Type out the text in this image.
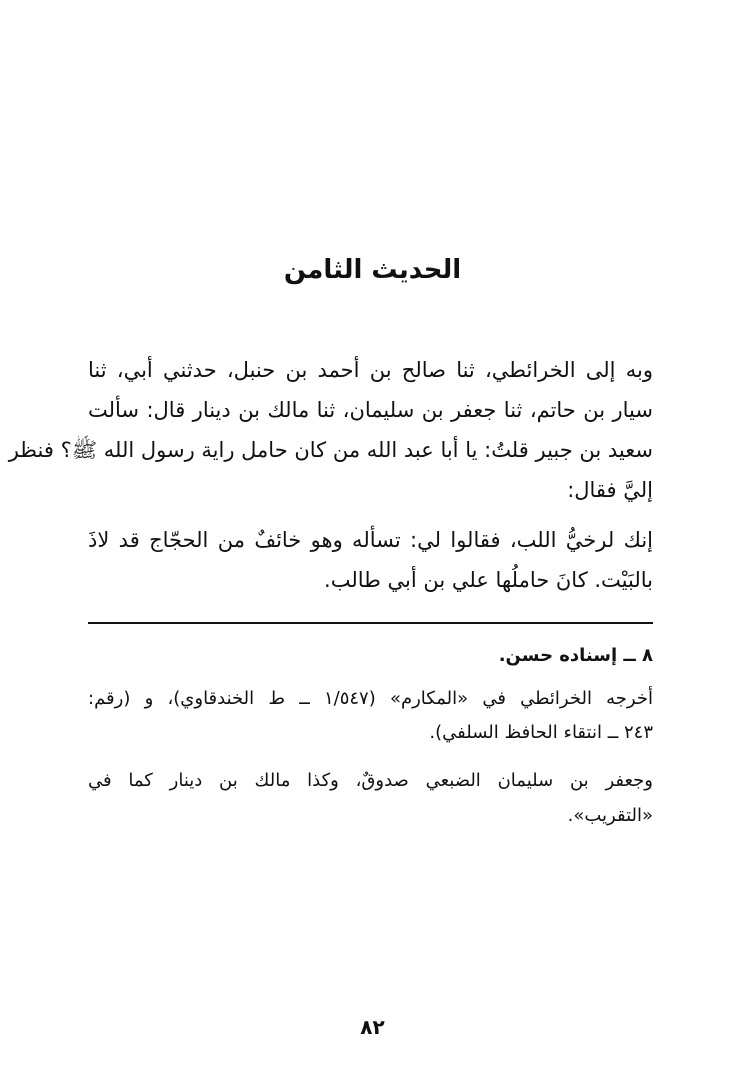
الحديث الثامن
وبه إلى الخرائطي، ثنا صالح بن أحمد بن حنبل، حدثني أبي، ثنا
سيار بن حاتم، ثنا جعفر بن سليمان، ثنا مالك بن دينار قال: سألت
سعيد بن جبير قلتُ: يا أبا عبد الله من كان حامل راية رسول الله ﷺ؟ فنظر
إليَّ فقال:
إنك لرخيُّ اللب، فقالوا لي: تسأله وهو خائفٌ من الحجّاج قد لاذَ
بالبَيْت. كانَ حاملُها علي بن أبي طالب.
٨ ــ إسناده حسن.
أخرجه الخرائطي في «المكارم» (١/٥٤٧ ــ ط الخندقاوي)، و (رقم:
٢٤٣ ــ انتقاء الحافظ السلفي).
وجعفر بن سليمان الضبعي صدوقٌ، وكذا مالك بن دينار كما في
«التقريب».
٨٢
